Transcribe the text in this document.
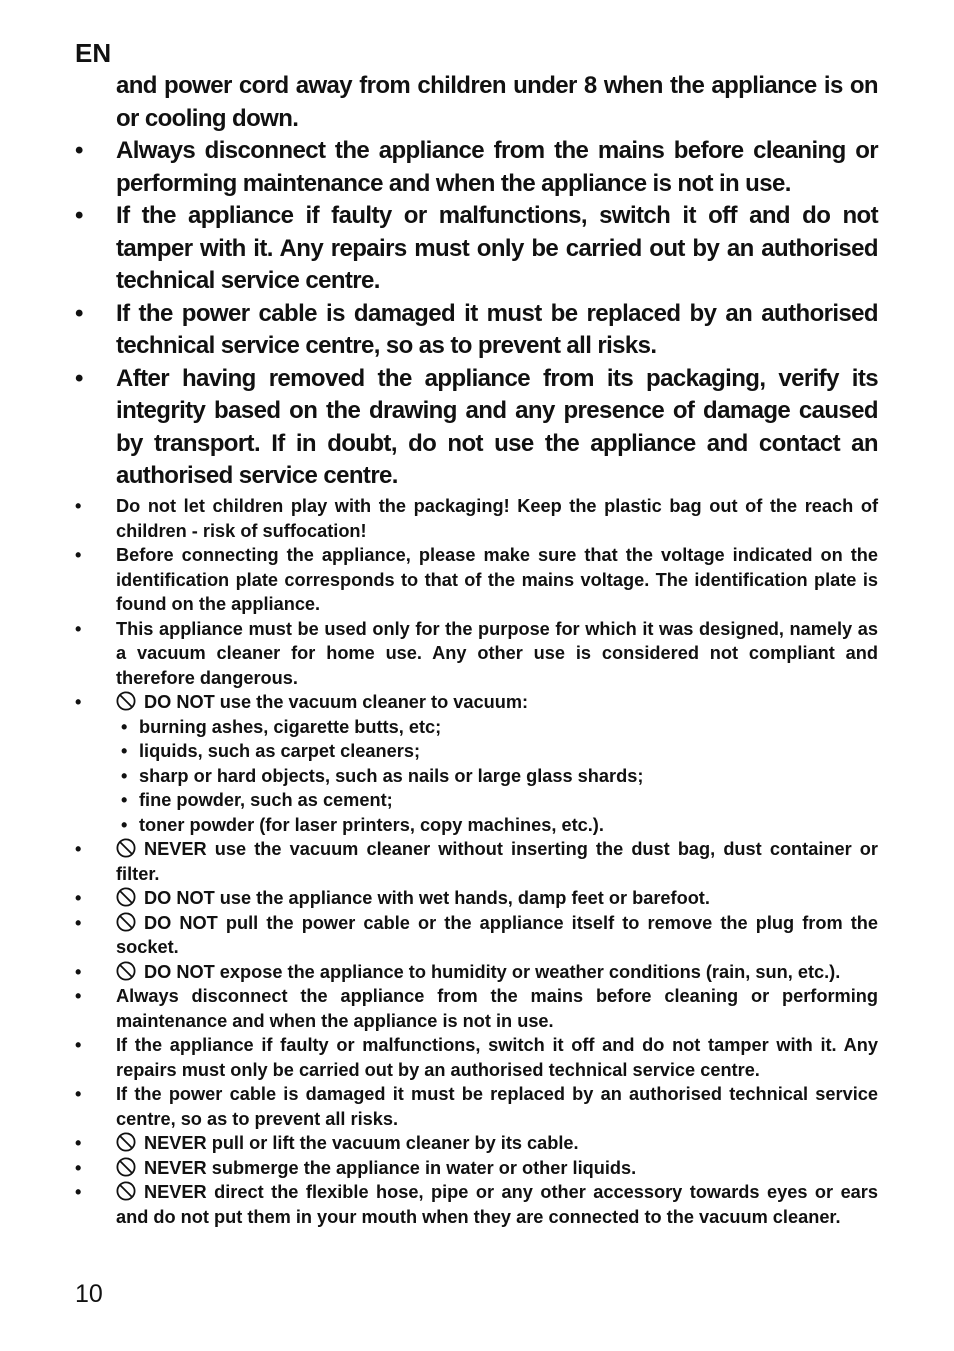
EN
and power cord away from children under 8 when the appliance is on or cooling down.
• Always disconnect the appliance from the mains before cleaning or performing maintenance and when the appliance is not in use.
• If the appliance if faulty or malfunctions, switch it off and do not tamper with it. Any repairs must only be carried out by an authorised technical service centre.
• If the power cable is damaged it must be replaced by an authorised technical service centre, so as to prevent all risks.
• After having removed the appliance from its packaging, verify its integrity based on the drawing and any presence of damage caused by transport. If in doubt, do not use the appliance and contact an authorised service centre.
• Do not let children play with the packaging! Keep the plastic bag out of the reach of children - risk of suffocation!
• Before connecting the appliance, please make sure that the voltage indicated on the identification plate corresponds to that of the mains voltage. The identification plate is found on the appliance.
• This appliance must be used only for the purpose for which it was designed, namely as a vacuum cleaner for home use. Any other use is considered not compliant and therefore dangerous.
•	DO NOT use the vacuum cleaner to vacuum:
• burning ashes, cigarette butts, etc;
• liquids, such as carpet cleaners;
• sharp or hard objects, such as nails or large glass shards;
• fine powder, such as cement;
• toner powder (for laser printers, copy machines, etc.).
•	NEVER use the vacuum cleaner without inserting the dust bag, dust container or filter.
•	DO NOT use the appliance with wet hands, damp feet or barefoot.
•	DO NOT pull the power cable or the appliance itself to remove the plug from the socket.
•	DO NOT expose the appliance to humidity or weather conditions (rain, sun, etc.).
• Always disconnect the appliance from the mains before cleaning or performing maintenance and when the appliance is not in use.
• If the appliance if faulty or malfunctions, switch it off and do not tamper with it. Any repairs must only be carried out by an authorised technical service centre.
• If the power cable is damaged it must be replaced by an authorised technical service centre, so as to prevent all risks.
•	NEVER pull or lift the vacuum cleaner by its cable.
•	NEVER submerge the appliance in water or other liquids.
•	NEVER direct the flexible hose, pipe or any other accessory towards eyes or ears and do not put them in your mouth when they are connected to the vacuum cleaner.
10
